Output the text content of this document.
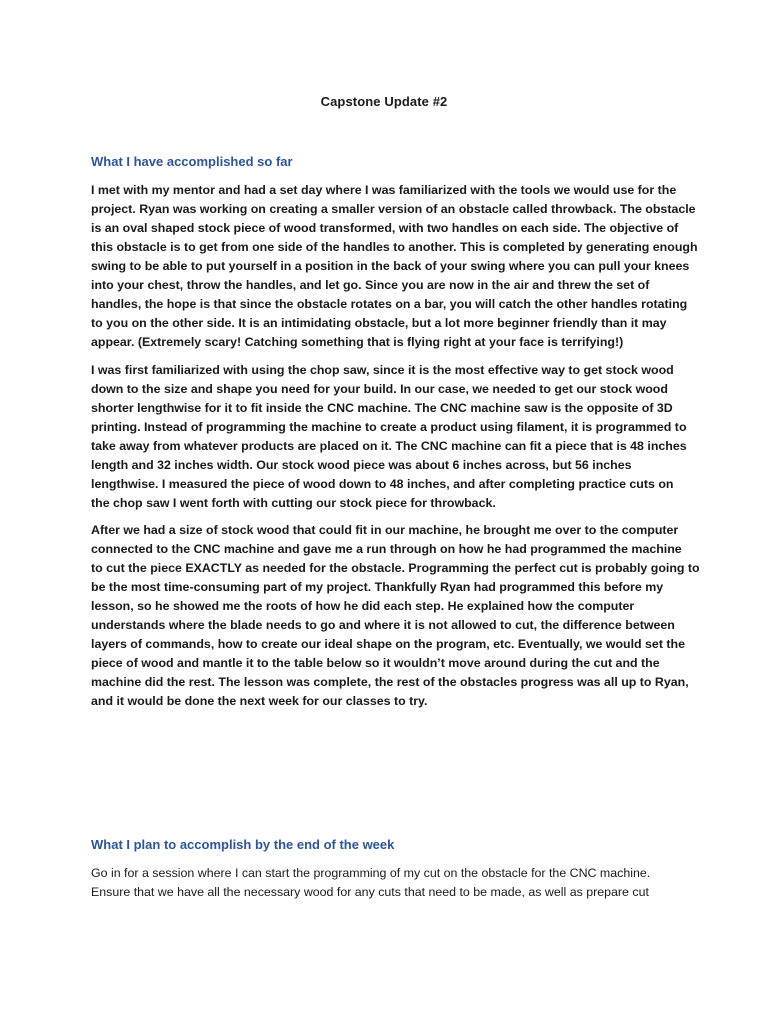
Capstone Update #2
What I have accomplished so far

I met with my mentor and had a set day where I was familiarized with the tools we would use for the
project. Ryan was working on creating a smaller version of an obstacle called throwback. The obstacle
is an oval shaped stock piece of wood transformed, with two handles on each side. The objective of
this obstacle is to get from one side of the handles to another. This is completed by generating enough
swing to be able to put yourself in a position in the back of your swing where you can pull your knees
into your chest, throw the handles, and let go. Since you are now in the air and threw the set of
handles, the hope is that since the obstacle rotates on a bar, you will catch the other handles rotating
to you on the other side. It is an intimidating obstacle, but a lot more beginner friendly than it may
appear. (Extremely scary! Catching something that is flying right at your face is terrifying!)

I was first familiarized with using the chop saw, since it is the most effective way to get stock wood
down to the size and shape you need for your build. In our case, we needed to get our stock wood
shorter lengthwise for it to fit inside the CNC machine. The CNC machine saw is the opposite of 3D
printing. Instead of programming the machine to create a product using filament, it is programmed to
take away from whatever products are placed on it. The CNC machine can fit a piece that is 48 inches
length and 32 inches width. Our stock wood piece was about 6 inches across, but 56 inches
lengthwise. I measured the piece of wood down to 48 inches, and after completing practice cuts on
the chop saw I went forth with cutting our stock piece for throwback.

After we had a size of stock wood that could fit in our machine, he brought me over to the computer
connected to the CNC machine and gave me a run through on how he had programmed the machine
to cut the piece EXACTLY as needed for the obstacle. Programming the perfect cut is probably going to
be the most time-consuming part of my project. Thankfully Ryan had programmed this before my
lesson, so he showed me the roots of how he did each step. He explained how the computer
understands where the blade needs to go and where it is not allowed to cut, the difference between
layers of commands, how to create our ideal shape on the program, etc. Eventually, we would set the
piece of wood and mantle it to the table below so it wouldn’t move around during the cut and the
machine did the rest. The lesson was complete, the rest of the obstacles progress was all up to Ryan,
and it would be done the next week for our classes to try.

What I plan to accomplish by the end of the week

Go in for a session where I can start the programming of my cut on the obstacle for the CNC machine.
Ensure that we have all the necessary wood for any cuts that need to be made, as well as prepare cut
